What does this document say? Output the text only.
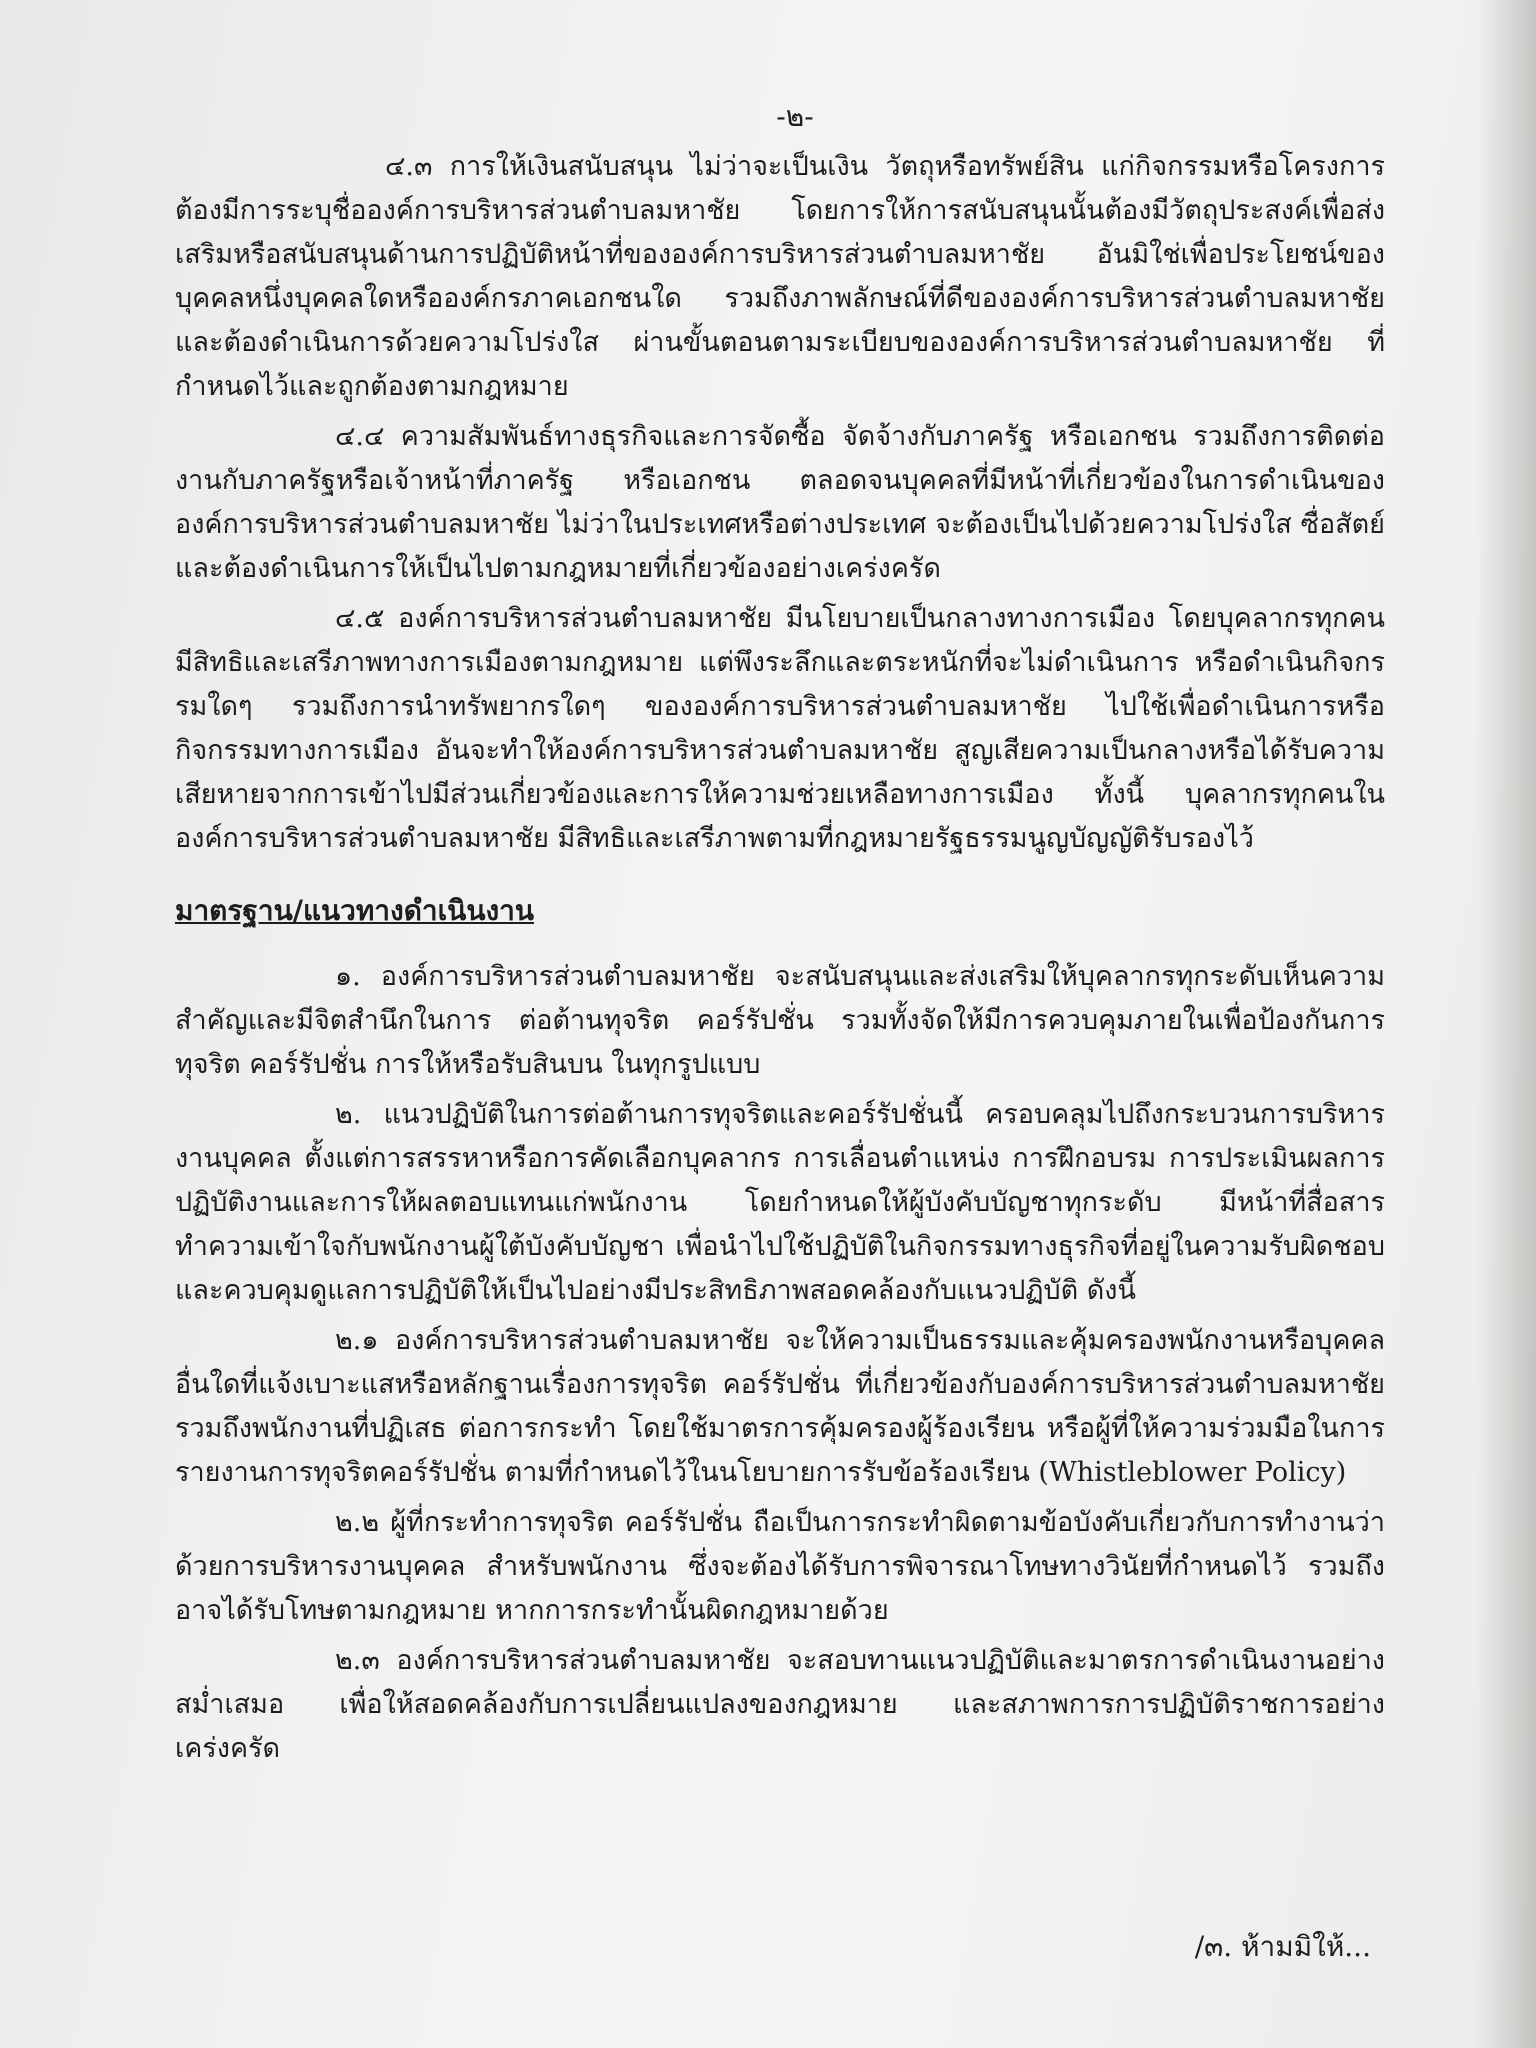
-๒-

๔.๓ การให้เงินสนับสนุน ไม่ว่าจะเป็นเงิน วัตถุหรือทรัพย์สิน แก่กิจกรรมหรือโครงการ ต้องมีการระบุชื่อองค์การบริหารส่วนตำบลมหาชัย โดยการให้การสนับสนุนนั้นต้องมีวัตถุประสงค์เพื่อส่งเสริมหรือสนับสนุนด้านการปฏิบัติหน้าที่ขององค์การบริหารส่วนตำบลมหาชัย อันมิใช่เพื่อประโยชน์ของบุคคลหนึ่งบุคคลใดหรือองค์กรภาคเอกชนใด รวมถึงภาพลักษณ์ที่ดีขององค์การบริหารส่วนตำบลมหาชัย และต้องดำเนินการด้วยความโปร่งใส ผ่านขั้นตอนตามระเบียบขององค์การบริหารส่วนตำบลมหาชัย ที่กำหนดไว้และถูกต้องตามกฎหมาย

๔.๔ ความสัมพันธ์ทางธุรกิจและการจัดซื้อ จัดจ้างกับภาครัฐ หรือเอกชน รวมถึงการติดต่องานกับภาครัฐหรือเจ้าหน้าที่ภาครัฐ หรือเอกชน ตลอดจนบุคคลที่มีหน้าที่เกี่ยวข้องในการดำเนินขององค์การบริหารส่วนตำบลมหาชัย ไม่ว่าในประเทศหรือต่างประเทศ จะต้องเป็นไปด้วยความโปร่งใส ซื่อสัตย์ และต้องดำเนินการให้เป็นไปตามกฎหมายที่เกี่ยวข้องอย่างเคร่งครัด

๔.๕ องค์การบริหารส่วนตำบลมหาชัย มีนโยบายเป็นกลางทางการเมือง โดยบุคลากรทุกคนมีสิทธิและเสรีภาพทางการเมืองตามกฎหมาย แต่พึงระลึกและตระหนักที่จะไม่ดำเนินการ หรือดำเนินกิจกรรมใดๆ รวมถึงการนำทรัพยากรใดๆ ขององค์การบริหารส่วนตำบลมหาชัย ไปใช้เพื่อดำเนินการหรือกิจกรรมทางการเมือง อันจะทำให้องค์การบริหารส่วนตำบลมหาชัย สูญเสียความเป็นกลางหรือได้รับความเสียหายจากการเข้าไปมีส่วนเกี่ยวข้องและการให้ความช่วยเหลือทางการเมือง ทั้งนี้ บุคลากรทุกคนในองค์การบริหารส่วนตำบลมหาชัย มีสิทธิและเสรีภาพตามที่กฎหมายรัฐธรรมนูญบัญญัติรับรองไว้

มาตรฐาน/แนวทางดำเนินงาน

๑. องค์การบริหารส่วนตำบลมหาชัย จะสนับสนุนและส่งเสริมให้บุคลากรทุกระดับเห็นความสำคัญและมีจิตสำนึกในการ ต่อต้านทุจริต คอร์รัปชั่น รวมทั้งจัดให้มีการควบคุมภายในเพื่อป้องกันการทุจริต คอร์รัปชั่น การให้หรือรับสินบน ในทุกรูปแบบ

๒. แนวปฏิบัติในการต่อต้านการทุจริตและคอร์รัปชั่นนี้ ครอบคลุมไปถึงกระบวนการบริหารงานบุคคล ตั้งแต่การสรรหาหรือการคัดเลือกบุคลากร การเลื่อนตำแหน่ง การฝึกอบรม การประเมินผลการปฏิบัติงานและการให้ผลตอบแทนแก่พนักงาน โดยกำหนดให้ผู้บังคับบัญชาทุกระดับ มีหน้าที่สื่อสารทำความเข้าใจกับพนักงานผู้ใต้บังคับบัญชา เพื่อนำไปใช้ปฏิบัติในกิจกรรมทางธุรกิจที่อยู่ในความรับผิดชอบและควบคุมดูแลการปฏิบัติให้เป็นไปอย่างมีประสิทธิภาพสอดคล้องกับแนวปฏิบัติ ดังนี้

๒.๑ องค์การบริหารส่วนตำบลมหาชัย จะให้ความเป็นธรรมและคุ้มครองพนักงานหรือบุคคลอื่นใดที่แจ้งเบาะแสหรือหลักฐานเรื่องการทุจริต คอร์รัปชั่น ที่เกี่ยวข้องกับองค์การบริหารส่วนตำบลมหาชัย รวมถึงพนักงานที่ปฏิเสธ ต่อการกระทำ โดยใช้มาตรการคุ้มครองผู้ร้องเรียน หรือผู้ที่ให้ความร่วมมือในการรายงานการทุจริตคอร์รัปชั่น ตามที่กำหนดไว้ในนโยบายการรับข้อร้องเรียน (Whistleblower Policy)

๒.๒ ผู้ที่กระทำการทุจริต คอร์รัปชั่น ถือเป็นการกระทำผิดตามข้อบังคับเกี่ยวกับการทำงานว่าด้วยการบริหารงานบุคคล สำหรับพนักงาน ซึ่งจะต้องได้รับการพิจารณาโทษทางวินัยที่กำหนดไว้ รวมถึงอาจได้รับโทษตามกฎหมาย หากการกระทำนั้นผิดกฎหมายด้วย

๒.๓ องค์การบริหารส่วนตำบลมหาชัย จะสอบทานแนวปฏิบัติและมาตรการดำเนินงานอย่างสม่ำเสมอ เพื่อให้สอดคล้องกับการเปลี่ยนแปลงของกฎหมาย และสภาพการการปฏิบัติราชการอย่างเคร่งครัด

/๓. ห้ามมิให้...
